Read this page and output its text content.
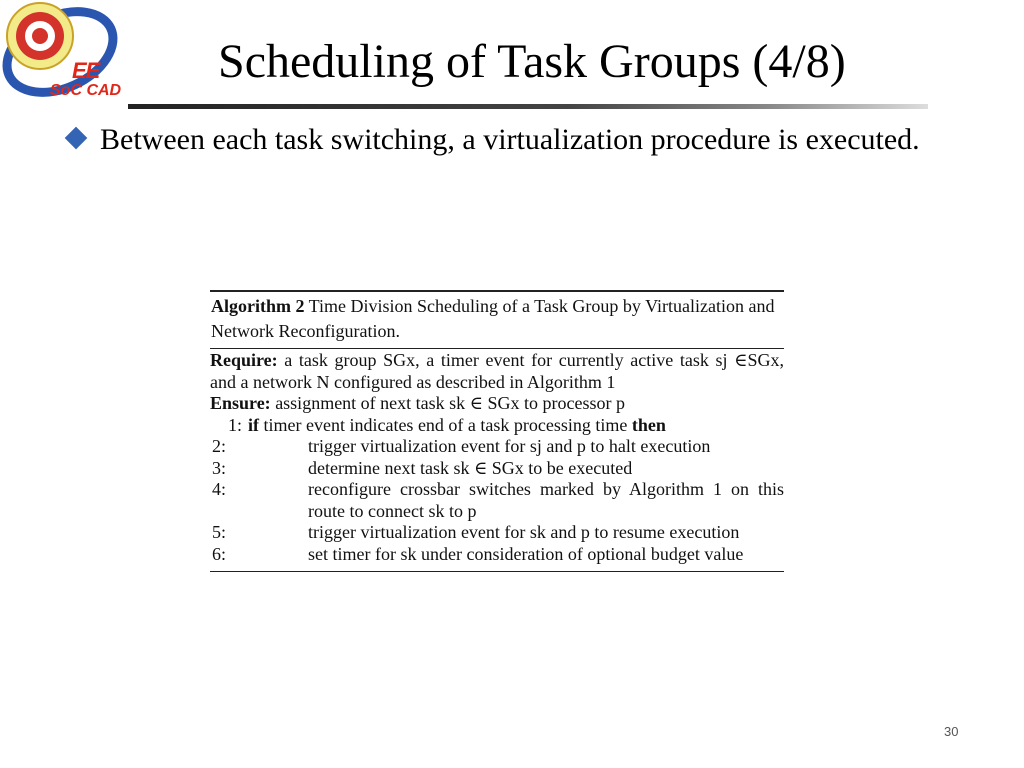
EE
SoC CAD
Scheduling of Task Groups (4/8)
Between each task switching, a virtualization procedure is executed.
Algorithm 2 Time Division Scheduling of a Task Group by Virtualization and Network Reconfiguration.
Require: a task group SGx, a timer event for currently active task sj ∈SGx, and a network N configured as described in Algorithm 1
Ensure: assignment of next task sk ∈ SGx to processor p
1: if timer event indicates end of a task processing time then
2:	trigger virtualization event for sj and p to halt execution
3:	determine next task sk ∈ SGx to be executed
4:	reconfigure crossbar switches marked by Algorithm 1 on this route to connect sk to p
5:	trigger virtualization event for sk and p to resume execution
6:	set timer for sk under consideration of optional budget value
30
